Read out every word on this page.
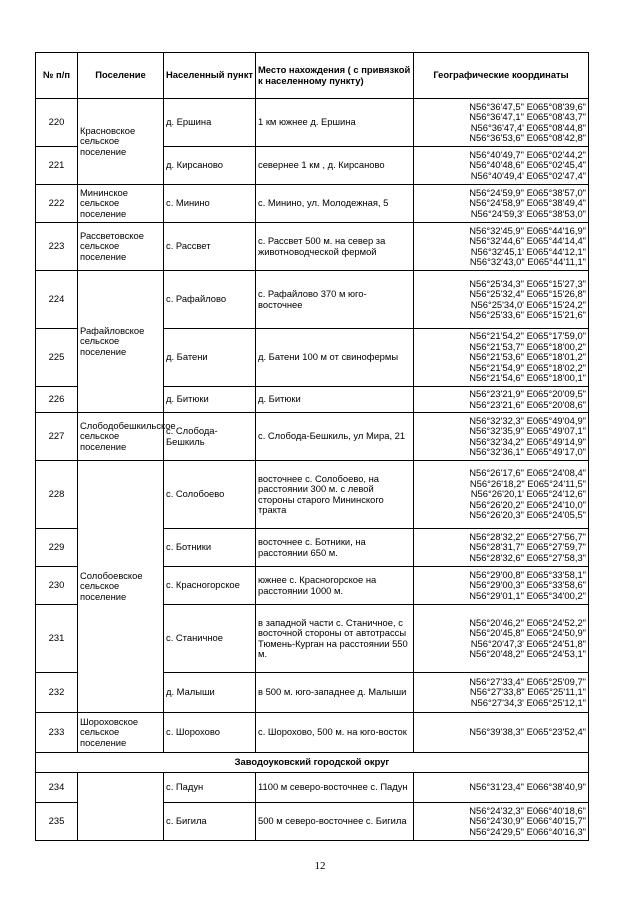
№ п/п	Поселение	Населенный пункт	Место нахождения ( с привязкой к населенному пункту)	Географические координаты
220	Красновское сельское поселение	д. Ершина	1 км южнее д. Ершина	N56°36'47,5" E065°08'39,6"
N56°36'47,1" E065°08'43,7"
N56°36'47,4' E065°08'44,8"
N56°36'53,6" E065°08'42,8"
221		д. Кирсаново	севернее 1 км , д. Кирсаново	N56°40'49,7" E065°02'44,2"
N56°40'48,6" E065°02'45,4"
N56°40'49,4' E065°02'47,4"
222	Мининское сельское поселение	с. Минино	с. Минино, ул. Молодежная, 5	N56°24'59,9" E065°38'57,0"
N56°24'58,9" E065°38'49,4"
N56°24'59,3' E065°38'53,0"
223	Рассветовское сельское поселение	с. Рассвет	с. Рассвет 500 м. на север за животноводческой фермой	N56°32'45,9" E065°44'16,9"
N56°32'44,6" E065°44'14,4"
N56°32'45,1' E065°44'12,1"
N56°32'43,0" E065°44'11,1"
224	Рафайловское сельское поселение	с. Рафайлово	с. Рафайлово 370 м юго-восточнее	N56°25'34,3" E065°15'27,3"
N56°25'32,4" E065°15'26,8"
N56°25'34,0' E065°15'24,2"
N56°25'33,6" E065°15'21,6"
225		д. Батени	д. Батени 100 м от свинофермы	N56°21'54,2" E065°17'59,0"
N56°21'53,7" E065°18'00,2"
N56°21'53,6" E065°18'01,2"
N56°21'54,9" E065°18'02,2"
N56°21'54,6" E065°18'00,1"
226		д. Битюки	д. Битюки	N56°23'21,9" E065°20'09,5"
N56°23'21,6" E065°20'08,6"
227	Слободобешкильское сельское поселение	с. Слобода-Бешкиль	с. Слобода-Бешкиль, ул Мира, 21	N56°32'32,3" E065°49'04,9"
N56°32'35,9" E065°49'07,1"
N56°32'34,2" E065°49'14,9"
N56°32'36,1" E065°49'17,0"
228	Солобоевское сельское поселение	с. Солобоево	восточнее с. Солобоево, на расстоянии 300 м. с левой стороны старого Мининского тракта	N56°26'17,6" E065°24'08,4"
N56°26'18,2" E065°24'11,5"
N56°26'20,1' E065°24'12,6"
N56°26'20,2" E065°24'10,0"
N56°26'20,3" E065°24'05,5"
229		с. Ботники	восточнее с. Ботники, на расстоянии 650 м.	N56°28'32,2" E065°27'56,7"
N56°28'31,7" E065°27'59,7"
N56°28'32,6" E065°27'58,3"
230		с. Красногорское	южнее с. Красногорское на расстоянии 1000 м.	N56°29'00,8" E065°33'58,1"
N56°29'00,3" E065°33'58,6"
N56°29'01,1" E065°34'00,2"
231		с. Станичное	в западной части с. Станичное, с восточной стороны от автотрассы Тюмень-Курган на расстоянии 550 м.	N56°20'46,2" E065°24'52,2"
N56°20'45,8" E065°24'50,9"
N56°20'47,3' E065°24'51,8"
N56°20'48,2" E065°24'53,1"
232		д. Малыши	в 500 м. юго-западнее д. Малыши	N56°27'33,4" E065°25'09,7"
N56°27'33,8" E065°25'11,1"
N56°27'34,3' E065°25'12,1"
233	Шороховское сельское поселение	с. Шорохово	с. Шорохово, 500 м. на юго-восток	N56°39'38,3" E065°23'52,4"
Заводоуковский городской округ				
234		с. Падун	1100 м северо-восточнее с. Падун	N56°31'23,4" E066°38'40,9"
235		с. Бигила	500 м северо-восточнее с. Бигила	N56°24'32,3" E066°40'18,6"
N56°24'30,9" E066°40'15,7"
N56°24'29,5" E066°40'16,3"
12
